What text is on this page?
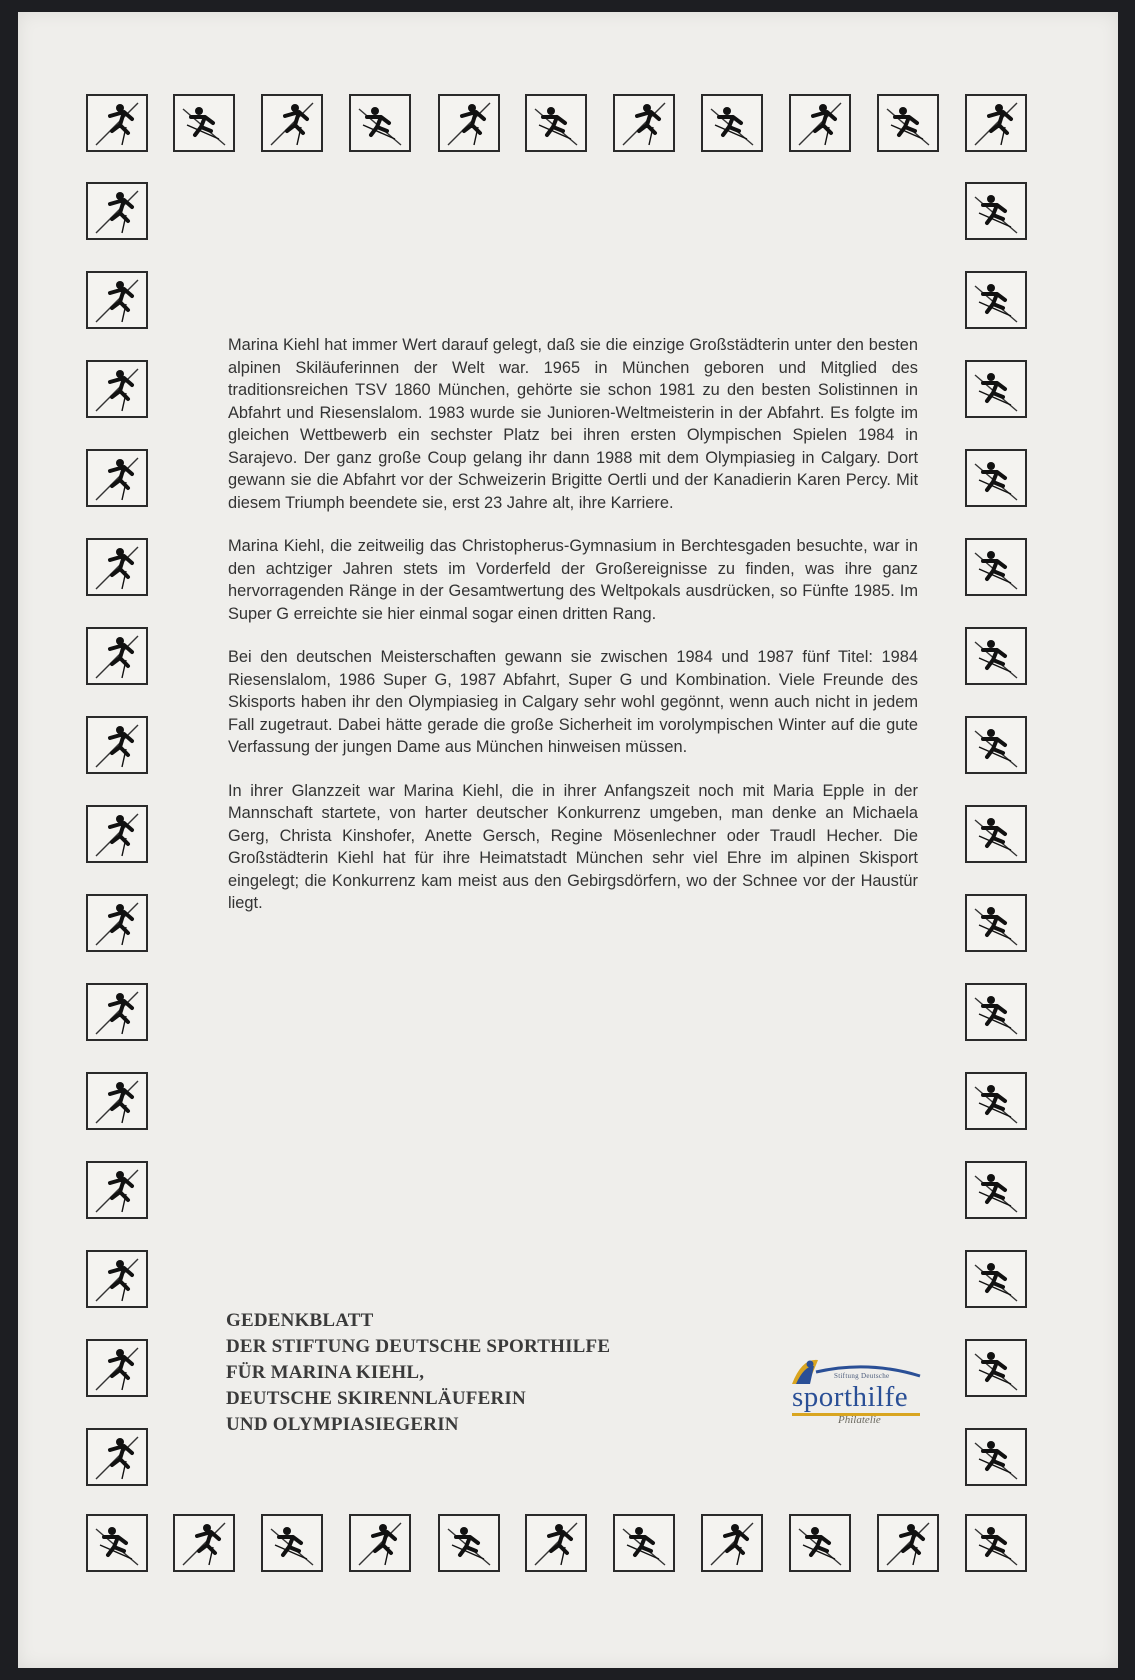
Marina Kiehl hat immer Wert darauf gelegt, daß sie die einzige Großstädterin unter den besten alpinen Skiläuferinnen der Welt war. 1965 in München geboren und Mitglied des traditionsreichen TSV 1860 München, gehörte sie schon 1981 zu den besten Solistinnen in Abfahrt und Riesenslalom. 1983 wurde sie Junioren-Weltmeisterin in der Abfahrt. Es folgte im gleichen Wettbewerb ein sechster Platz bei ihren ersten Olympischen Spielen 1984 in Sarajevo. Der ganz große Coup gelang ihr dann 1988 mit dem Olympiasieg in Calgary. Dort gewann sie die Abfahrt vor der Schweizerin Brigitte Oertli und der Kanadierin Karen Percy. Mit diesem Triumph beendete sie, erst 23 Jahre alt, ihre Karriere.

Marina Kiehl, die zeitweilig das Christopherus-Gymnasium in Berchtesgaden besuchte, war in den achtziger Jahren stets im Vorderfeld der Großereignisse zu finden, was ihre ganz hervorragenden Ränge in der Gesamtwertung des Weltpokals ausdrücken, so Fünfte 1985. Im Super G erreichte sie hier einmal sogar einen dritten Rang.

Bei den deutschen Meisterschaften gewann sie zwischen 1984 und 1987 fünf Titel: 1984 Riesenslalom, 1986 Super G, 1987 Abfahrt, Super G und Kombination. Viele Freunde des Skisports haben ihr den Olympiasieg in Calgary sehr wohl gegönnt, wenn auch nicht in jedem Fall zugetraut. Dabei hätte gerade die große Sicherheit im vorolympischen Winter auf die gute Verfassung der jungen Dame aus München hinweisen müssen.

In ihrer Glanzzeit war Marina Kiehl, die in ihrer Anfangszeit noch mit Maria Epple in der Mannschaft startete, von harter deutscher Konkurrenz umgeben, man denke an Michaela Gerg, Christa Kinshofer, Anette Gersch, Regine Mösenlechner oder Traudl Hecher. Die Großstädterin Kiehl hat für ihre Heimatstadt München sehr viel Ehre im alpinen Skisport eingelegt; die Konkurrenz kam meist aus den Gebirgsdörfern, wo der Schnee vor der Haustür liegt.

GEDENKBLATT
DER STIFTUNG DEUTSCHE SPORTHILFE
FÜR MARINA KIEHL,
DEUTSCHE SKIRENNLÄUFERIN
UND OLYMPIASIEGERIN
Stiftung Deutsche
sporthilfe
Philatelie
